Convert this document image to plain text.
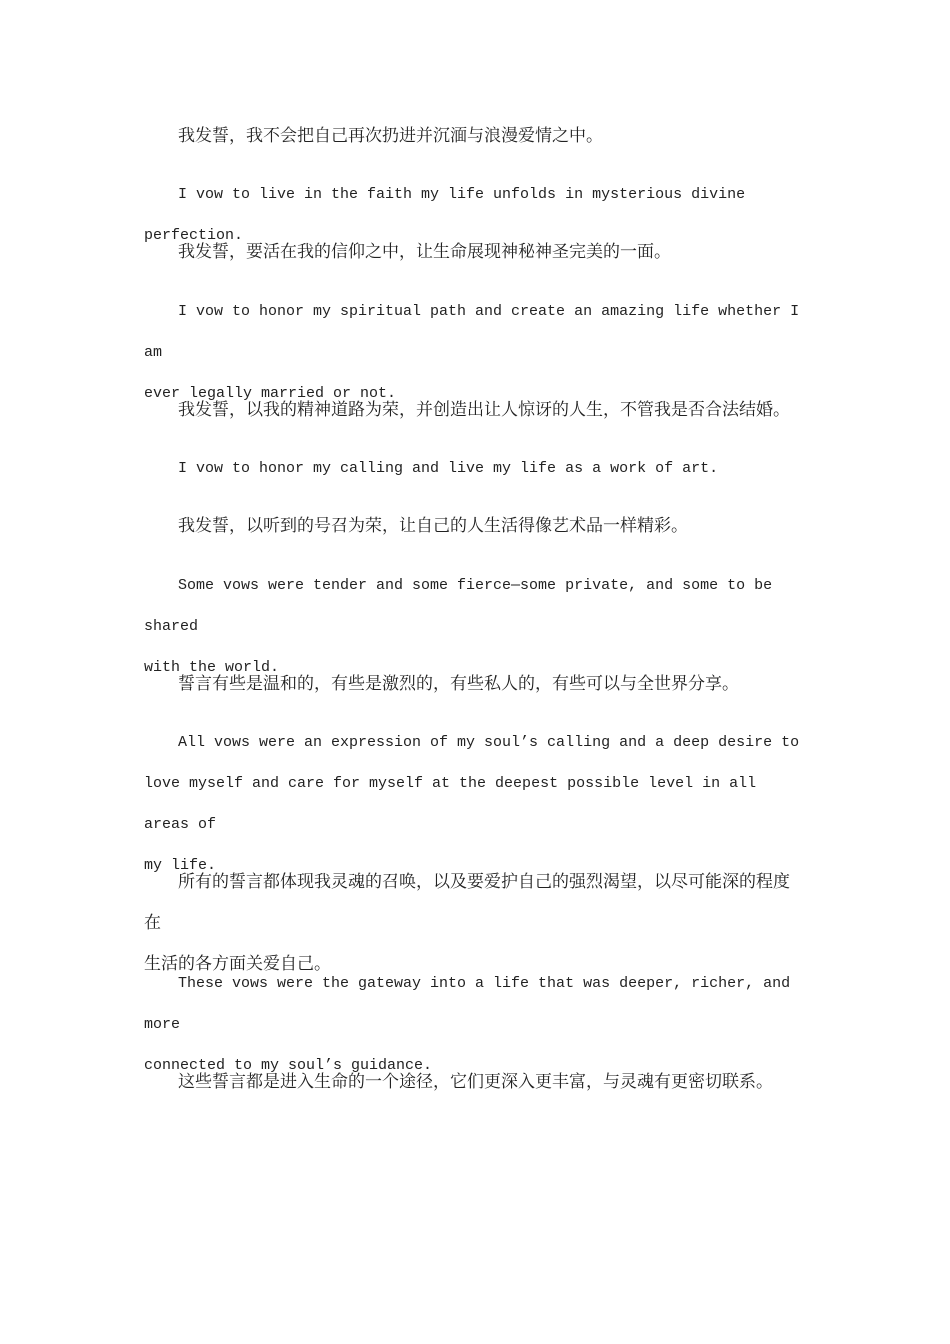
我发誓，我不会把自己再次扔进并沉湎与浪漫爱情之中。

I vow to live in the faith my life unfolds in mysterious divine perfection.

我发誓，要活在我的信仰之中，让生命展现神秘神圣完美的一面。

I vow to honor my spiritual path and create an amazing life whether I am
ever legally married or not.

我发誓，以我的精神道路为荣，并创造出让人惊讶的人生，不管我是否合法结婚。

I vow to honor my calling and live my life as a work of art.

我发誓，以听到的号召为荣，让自己的人生活得像艺术品一样精彩。

Some vows were tender and some fierce—some private, and some to be shared
with the world.

誓言有些是温和的，有些是激烈的，有些私人的，有些可以与全世界分享。

All vows were an expression of my soul’s calling and a deep desire to
love myself and care for myself at the deepest possible level in all areas of
my life.

所有的誓言都体现我灵魂的召唤，以及要爱护自己的强烈渴望，以尽可能深的程度在
生活的各方面关爱自己。

These vows were the gateway into a life that was deeper, richer, and more
connected to my soul’s guidance.

这些誓言都是进入生命的一个途径，它们更深入更丰富，与灵魂有更密切联系。
